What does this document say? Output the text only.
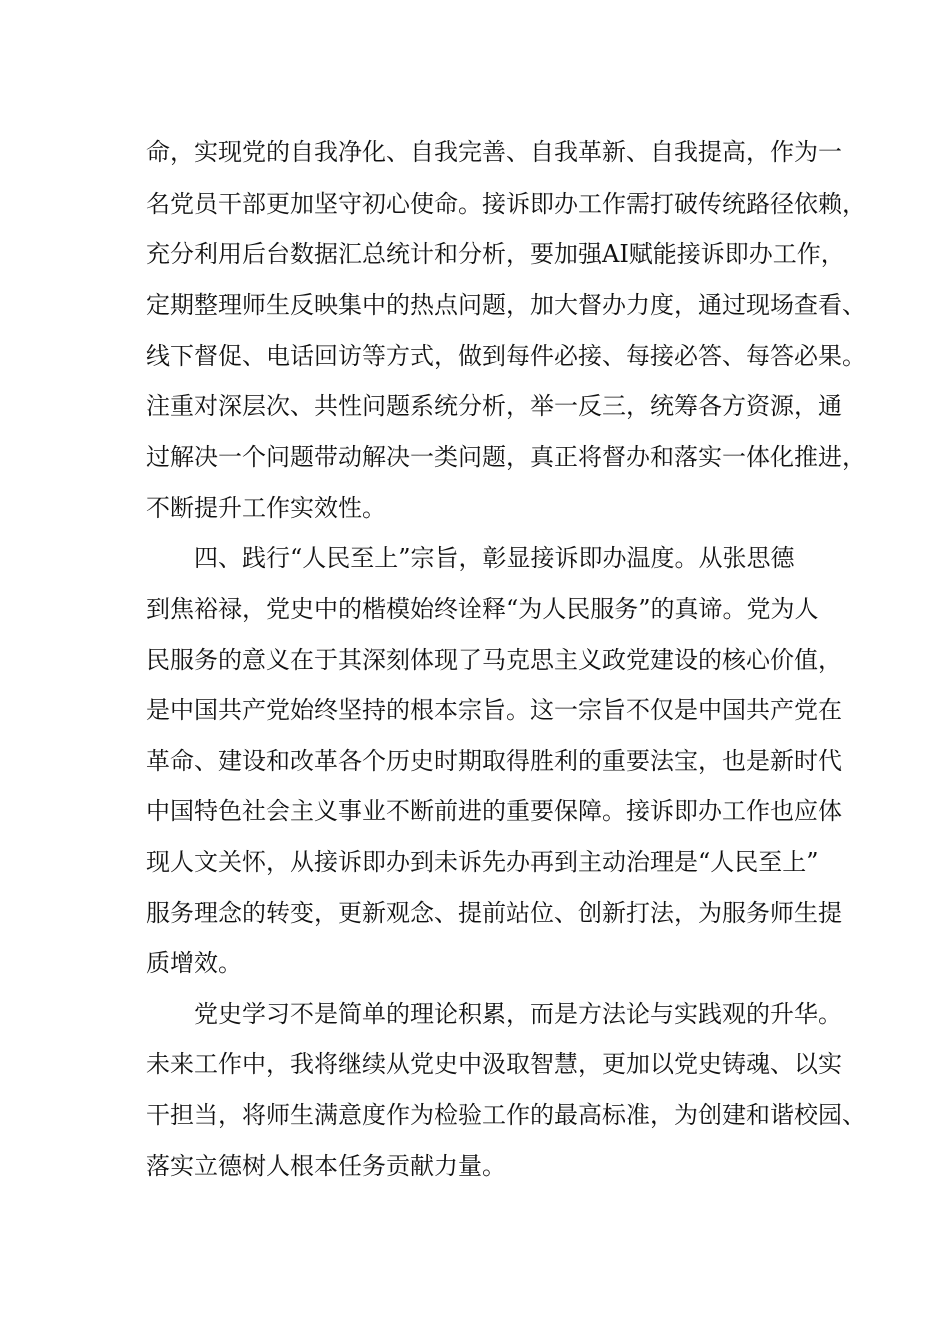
命，实现党的自我净化、自我完善、自我革新、自我提高，作为一
名党员干部更加坚守初心使命。接诉即办工作需打破传统路径依赖，
充分利用后台数据汇总统计和分析，要加强AI赋能接诉即办工作，
定期整理师生反映集中的热点问题，加大督办力度，通过现场查看、
线下督促、电话回访等方式，做到每件必接、每接必答、每答必果。
注重对深层次、共性问题系统分析，举一反三，统筹各方资源，通
过解决一个问题带动解决一类问题，真正将督办和落实一体化推进，
不断提升工作实效性。
四、践行“人民至上”宗旨，彰显接诉即办温度。从张思德
到焦裕禄，党史中的楷模始终诠释“为人民服务”的真谛。党为人
民服务的意义在于其深刻体现了马克思主义政党建设的核心价值，
是中国共产党始终坚持的根本宗旨。这一宗旨不仅是中国共产党在
革命、建设和改革各个历史时期取得胜利的重要法宝，也是新时代
中国特色社会主义事业不断前进的重要保障。接诉即办工作也应体
现人文关怀，从接诉即办到未诉先办再到主动治理是“人民至上”
服务理念的转变，更新观念、提前站位、创新打法，为服务师生提
质增效。
党史学习不是简单的理论积累，而是方法论与实践观的升华。
未来工作中，我将继续从党史中汲取智慧，更加以党史铸魂、以实
干担当，将师生满意度作为检验工作的最高标准，为创建和谐校园、
落实立德树人根本任务贡献力量。
